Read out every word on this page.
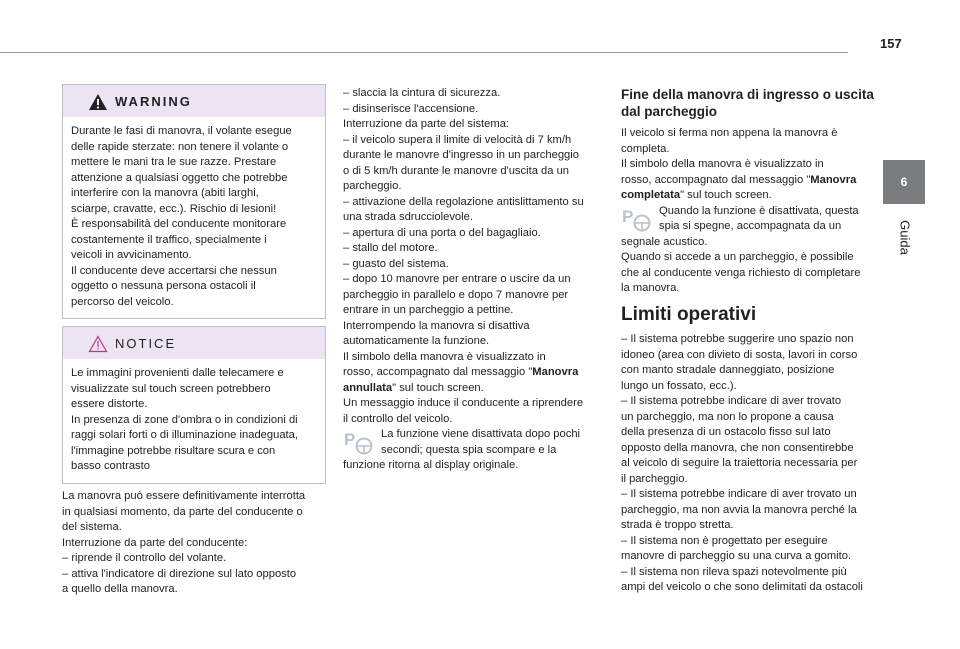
157
6
Guida
WARNING

Durante le fasi di manovra, il volante esegue

delle rapide sterzate: non tenere il volante o

mettere le mani tra le sue razze. Prestare

attenzione a qualsiasi oggetto che potrebbe

interferire con la manovra (abiti larghi,

sciarpe, cravatte, ecc.). Rischio di lesioni!

È responsabilità del conducente monitorare

costantemente il traffico, specialmente i

veicoli in avvicinamento.

Il conducente deve accertarsi che nessun

oggetto o nessuna persona ostacoli il

percorso del veicolo.

NOTICE

Le immagini provenienti dalle telecamere e

visualizzate sul touch screen potrebbero

essere distorte.

In presenza di zone d'ombra o in condizioni di

raggi solari forti o di illuminazione inadeguata,

l'immagine potrebbe risultare scura e con

basso contrasto

La manovra può essere definitivamente interrotta

in qualsiasi momento, da parte del conducente o

del sistema.

Interruzione da parte del conducente:

– riprende il controllo del volante.

– attiva l'indicatore di direzione sul lato opposto

a quello della manovra.

– slaccia la cintura di sicurezza.

– disinserisce l'accensione.

Interruzione da parte del sistema:

– il veicolo supera il limite di velocità di 7 km/h

durante le manovre d'ingresso in un parcheggio

o di 5 km/h durante le manovre d'uscita da un

parcheggio.

– attivazione della regolazione antislittamento su

una strada sdrucciolevole.

– apertura di una porta o del bagagliaio.

– stallo del motore.

– guasto del sistema.

– dopo 10 manovre per entrare o uscire da un

parcheggio in parallelo e dopo 7 manovre per

entrare in un parcheggio a pettine.

Interrompendo la manovra si disattiva

automaticamente la funzione.

Il simbolo della manovra è visualizzato in

rosso, accompagnato dal messaggio "Manovra

annullata" sul touch screen.

Un messaggio induce il conducente a riprendere

il controllo del veicolo.

P La funzione viene disattivata dopo pochi

secondi; questa spia scompare e la

funzione ritorna al display originale.

Fine della manovra di ingresso o uscita dal parcheggio

Il veicolo si ferma non appena la manovra è

completa.

Il simbolo della manovra è visualizzato in

rosso, accompagnato dal messaggio "Manovra

completata" sul touch screen.

P Quando la funzione è disattivata, questa

spia si spegne, accompagnata da un

segnale acustico.

Quando si accede a un parcheggio, è possibile

che al conducente venga richiesto di completare

la manovra.

Limiti operativi

– Il sistema potrebbe suggerire uno spazio non

idoneo (area con divieto di sosta, lavori in corso

con manto stradale danneggiato, posizione

lungo un fossato, ecc.).

– Il sistema potrebbe indicare di aver trovato

un parcheggio, ma non lo propone a causa

della presenza di un ostacolo fisso sul lato

opposto della manovra, che non consentirebbe

al veicolo di seguire la traiettoria necessaria per

il parcheggio.

– Il sistema potrebbe indicare di aver trovato un

parcheggio, ma non avvia la manovra perché la

strada è troppo stretta.

– Il sistema non è progettato per eseguire

manovre di parcheggio su una curva a gomito.

– Il sistema non rileva spazi notevolmente più

ampi del veicolo o che sono delimitati da ostacoli
